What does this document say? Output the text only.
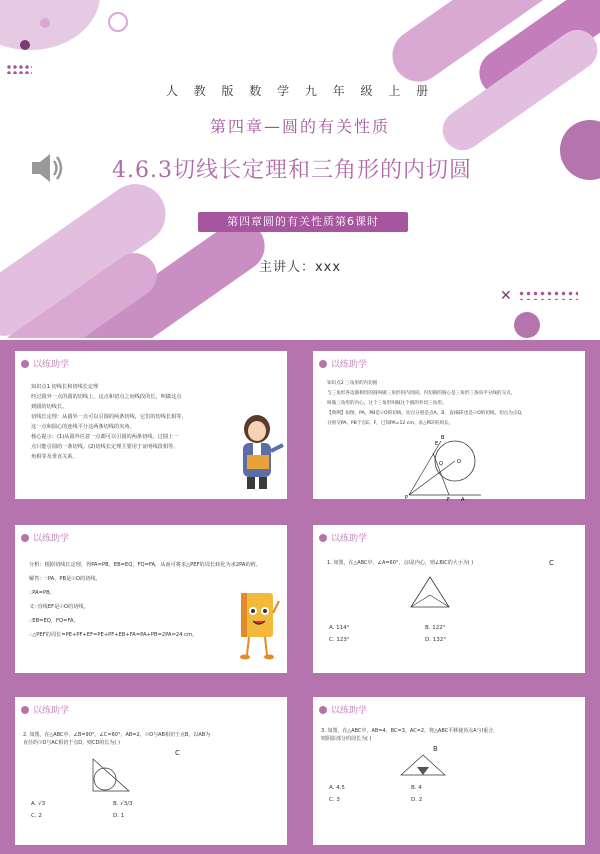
✕
人 教 版 数 学 九 年 级 上 册
第四章—圆的有关性质
4.6.3切线长定理和三角形的内切圆
第四章圆的有关性质第6课时
主讲人：xxx
以练助学

知识点1 切线长和切线长定理

经过圆外一点的圆的切线上，这点和切点之间线段的长，叫做这点

到圆的切线长。

切线长定理：从圆外一点可以引圆的两条切线，它们的切线长相等，

这一点和圆心的连线平分这两条切线的夹角。

核心提示：(1)从圆外任意一点都可以引圆的两条切线，过圆上一

点只能引圆的一条切线。(2)切线长定理主要用于证明线段相等、

角相等及垂直关系。

以练助学

知识点2 三角形的内切圆

与三角形各边都相切的圆叫做三角形的内切圆。内切圆的圆心是三角形三条角平分线的交点，

叫做三角形的内心。这个三角形叫做这个圆的外切三角形。

【典例】如图，PA、PB是☉O的切线，切点分别是点A、B，直线EF也是☉O的切线，切点为点Q，

分别交PA、PB于点E、F，已知PA=12 cm，求△PEF的周长。

E
P	F
Q	O
A
B
以练助学

分析：根据切线长定理，得PA=PB，EB=EQ，FQ=FA，从而可将求△PEF的周长转化为求2PA的值。

解答：∵PA、PB是☉O的切线，

∴PA=PB。

又∵直线EF是☉O的切线，

∴EB=EQ，FQ=FA，

∴△PEF的周长=PE+PF+EF=PE+PF+EB+FA=PA+PB=2PA=24 cm。

以练助学
1. 如图，在△ABC中，∠A=60°，点I是内心，则∠BIC的大小为( )	C
A. 114°	B. 122°
C. 123°	D. 132°
以练助学
2. 如图，在△ABC中，∠B=90°，∠C=60°，AB=2，☉O与AB相切于点B，以AB为直径的☉O与AC相切于点D，则CD的长为( )
C
A. √3	B. √3/3
C. 2	D. 1
以练助学
3. 如图，在△ABC中，AB=4，BC=3，AC=2，将△ABC平移使顶点A与I重合，则阴影部分的周长为( )
B
A. 4.5	B. 4
C. 3	D. 2
